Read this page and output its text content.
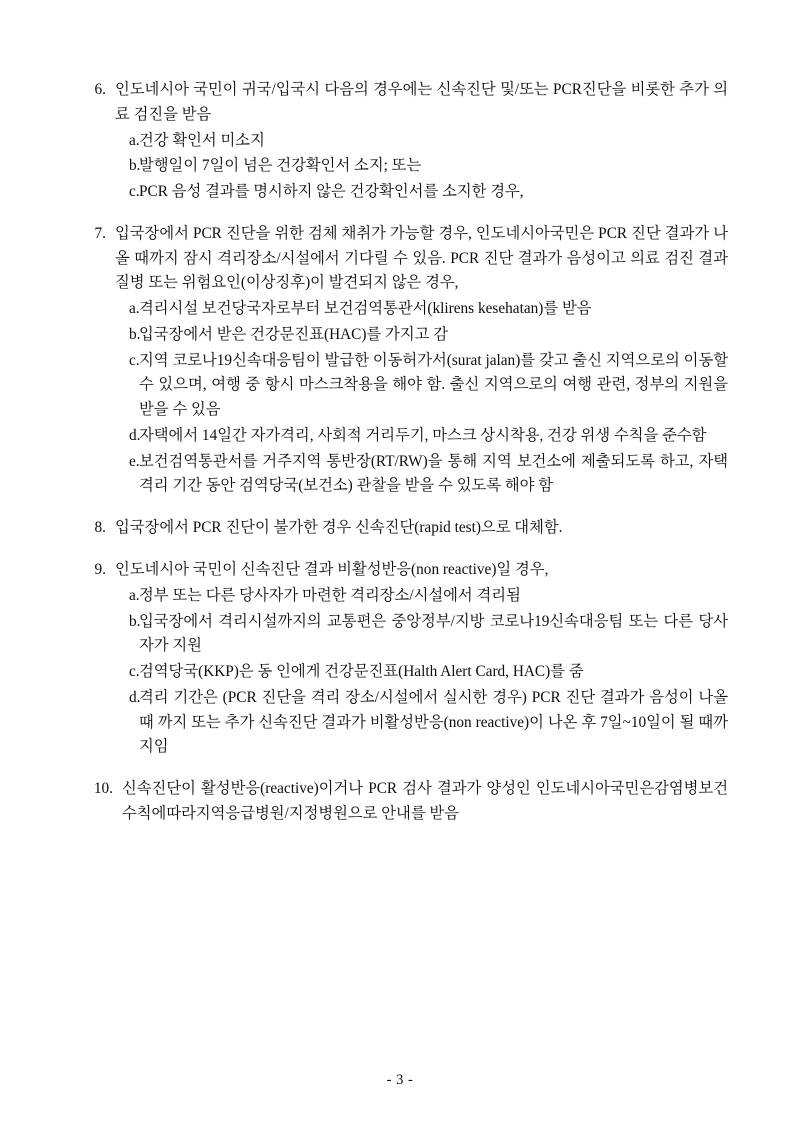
6. 인도네시아 국민이 귀국/입국시 다음의 경우에는 신속진단 및/또는 PCR진단을 비롯한 추가 의료 검진을 받음

a. 건강 확인서 미소지
b.
발행일이 7일이 넘은 건강확인서 소지; 또는
c. PCR 음성 결과를 명시하지 않은 건강확인서를 소지한 경우,
7. 입국장에서 PCR 진단을 위한 검체 채취가 가능할 경우, 인도네시아국민은 PCR 진단 결과가 나올 때까지 잠시 격리장소/시설에서 기다릴 수 있음. PCR 진단 결과가 음성이고 의료 검진 결과 질병 또는 위험요인(이상징후)이 발견되지 않은 경우,

a. 격리시설 보건당국자로부터 보건검역통관서(klirens kesehatan)를 받음
b.
입국장에서 받은 건강문진표(HAC)를 가지고 감
c. 지역 코로나19신속대응팀이 발급한 이동허가서(surat jalan)를 갖고 출신 지역으로의 이동할 수 있으며, 여행 중 항시 마스크착용을 해야 함. 출신 지역으로의 여행 관련, 정부의 지원을 받을 수 있음
d.
자택에서 14일간 자가격리, 사회적 거리두기, 마스크 상시착용, 건강 위생 수칙을 준수함
e. 보건검역통관서를 거주지역 통반장(RT/RW)을 통해 지역 보건소에 제출되도록 하고, 자택 격리 기간 동안 검역당국(보건소) 관찰을 받을 수 있도록 해야 함
8. 입국장에서 PCR 진단이 불가한 경우 신속진단(rapid test)으로 대체함.

9. 인도네시아 국민이 신속진단 결과 비활성반응(non reactive)일 경우,

a. 정부 또는 다른 당사자가 마련한 격리장소/시설에서 격리됨
b.
입국장에서 격리시설까지의 교통편은 중앙정부/지방 코로나19신속대응팀 또는 다른 당사자가 지원
c. 검역당국(KKP)은 동 인에게 건강문진표(Halth Alert Card, HAC)를 줌
d.
격리 기간은 (PCR 진단을 격리 장소/시설에서 실시한 경우) PCR 진단 결과가 음성이 나올 때 까지 또는 추가 신속진단 결과가 비활성반응(non reactive)이 나온 후 7일~10일이 될 때까지임
10. 신속진단이 활성반응(reactive)이거나 PCR 검사 결과가 양성인 인도네시아국민은감염병보건수칙에따라지역응급병원/지정병원으로 안내를 받음

- 3 -
